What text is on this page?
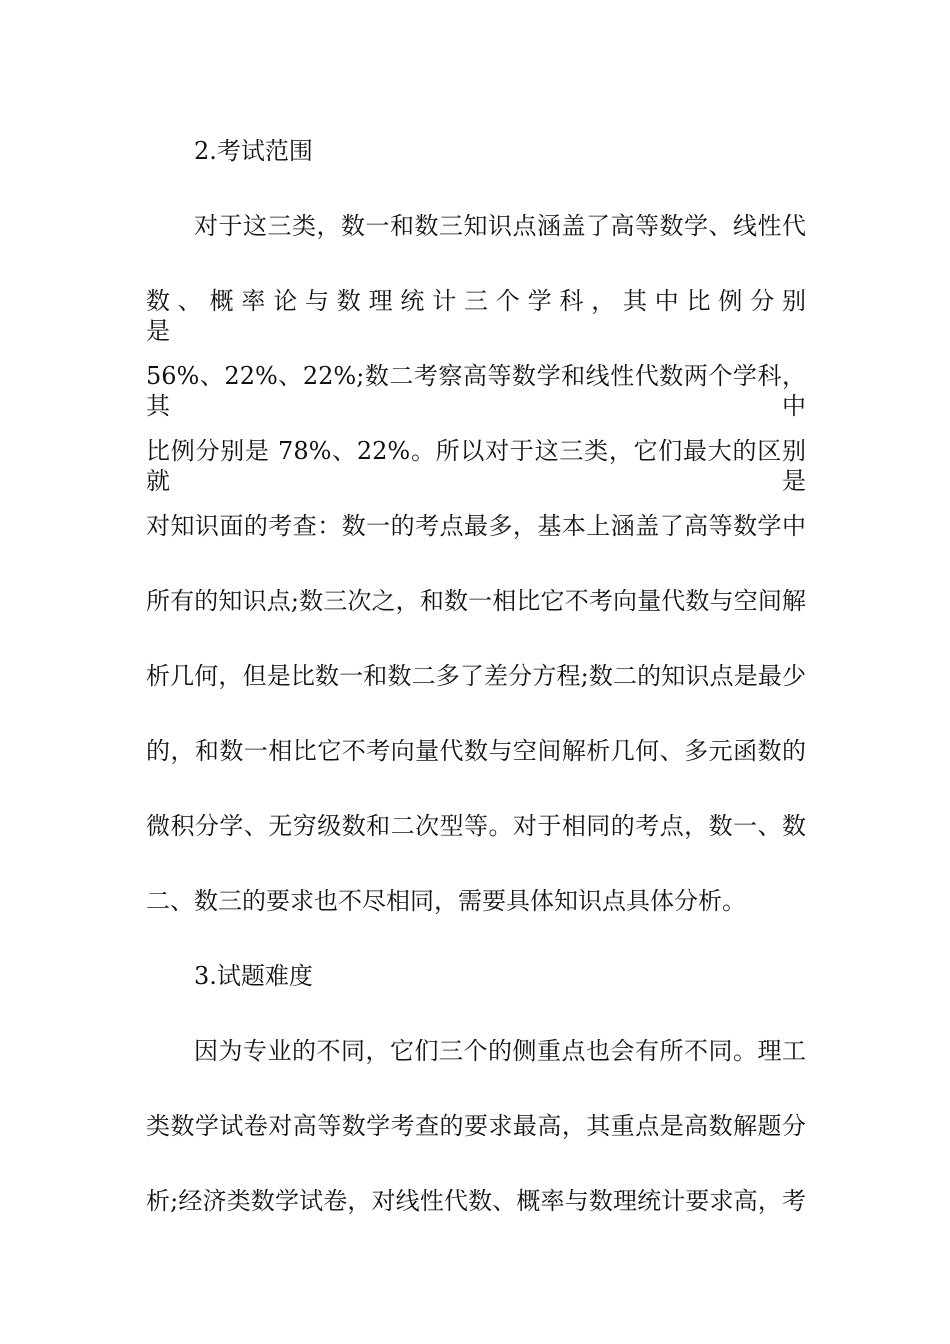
2.考试范围
对于这三类，数一和数三知识点涵盖了高等数学、线性代
数 、 概 率 论 与 数 理 统 计 三 个 学 科 ， 其 中 比 例 分 别 是
56%、22%、22%;数二考察高等数学和线性代数两个学科，其中
比例分别是 78%、22%。所以对于这三类，它们最大的区别就是
对知识面的考查：数一的考点最多，基本上涵盖了高等数学中
所有的知识点;数三次之，和数一相比它不考向量代数与空间解
析几何，但是比数一和数二多了差分方程;数二的知识点是最少
的，和数一相比它不考向量代数与空间解析几何、多元函数的
微积分学、无穷级数和二次型等。对于相同的考点，数一、数
二、数三的要求也不尽相同，需要具体知识点具体分析。
3.试题难度
因为专业的不同，它们三个的侧重点也会有所不同。理工
类数学试卷对高等数学考查的要求最高，其重点是高数解题分
析;经济类数学试卷，对线性代数、概率与数理统计要求高，考
